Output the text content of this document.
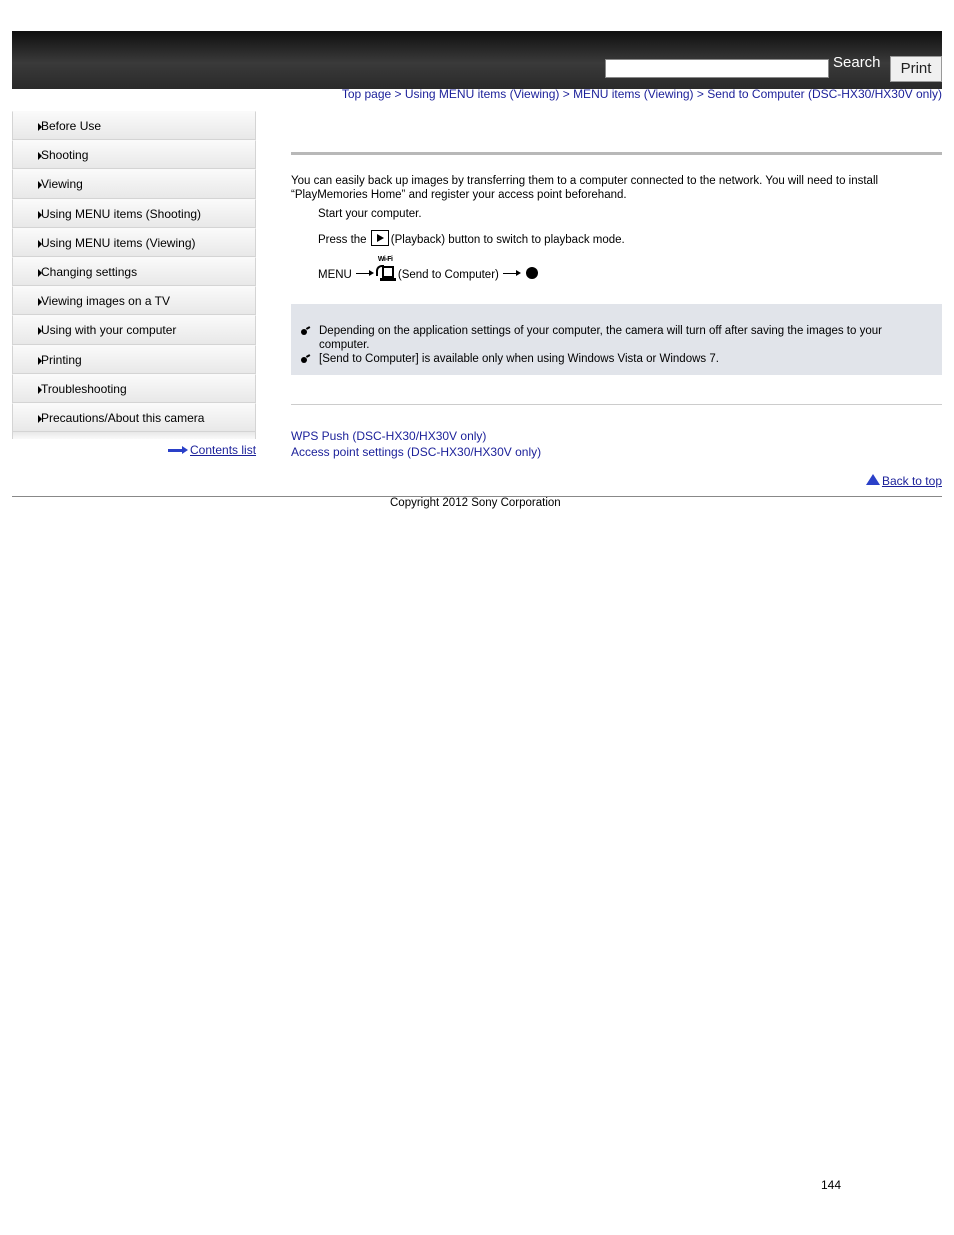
Search	Print
Top page > Using MENU items (Viewing) > MENU items (Viewing) > Send to Computer (DSC-HX30/HX30V only)
Before Use
Shooting
Viewing
Using MENU items (Shooting)
Using MENU items (Viewing)
Changing settings
Viewing images on a TV
Using with your computer
Printing
Troubleshooting
Precautions/About this camera
Contents list
You can easily back up images by transferring them to a computer connected to the network. You will need to install “PlayMemories Home” and register your access point beforehand.
Start your computer.
Press the (Playback) button to switch to playback mode.
MENU
Wi-Fi
(Send to Computer)
Depending on the application settings of your computer, the camera will turn off after saving the images to your computer.
[Send to Computer] is available only when using Windows Vista or Windows 7.
WPS Push (DSC-HX30/HX30V only)
Access point settings (DSC-HX30/HX30V only)
Back to top
Copyright 2012 Sony Corporation
144
